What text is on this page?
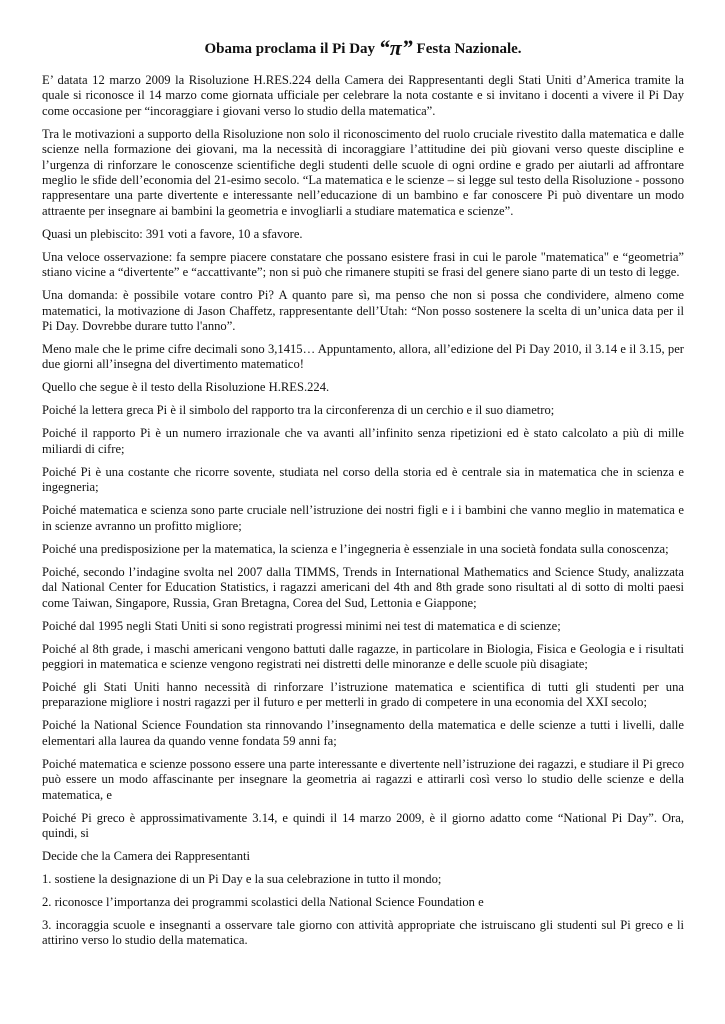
Obama proclama il Pi Day “π” Festa Nazionale.

E’ datata 12 marzo 2009 la Risoluzione H.RES.224 della Camera dei Rappresentanti degli Stati Uniti d’America tramite la quale si riconosce il 14 marzo come giornata ufficiale per celebrare la nota costante e si invitano i docenti a vivere il Pi Day come occasione per “incoraggiare i giovani verso lo studio della matematica”.

Tra le motivazioni a supporto della Risoluzione non solo il riconoscimento del ruolo cruciale rivestito dalla matematica e dalle scienze nella formazione dei giovani, ma la necessità di incoraggiare l’attitudine dei più giovani verso queste discipline e l’urgenza di rinforzare le conoscenze scientifiche degli studenti delle scuole di ogni ordine e grado per aiutarli ad affrontare meglio le sfide dell’economia del 21-esimo secolo. “La matematica e le scienze – si legge sul testo della Risoluzione - possono rappresentare una parte divertente e interessante nell’educazione di un bambino e far conoscere Pi può diventare un modo attraente per insegnare ai bambini la geometria e invogliarli a studiare matematica e scienze”.

Quasi un plebiscito: 391 voti a favore, 10 a sfavore.

Una veloce osservazione: fa sempre piacere constatare che possano esistere frasi in cui le parole "matematica" e “geometria” stiano vicine a “divertente” e “accattivante”; non si può che rimanere stupiti se frasi del genere siano parte di un testo di legge.

Una domanda: è possibile votare contro Pi? A quanto pare sì, ma penso che non si possa che condividere, almeno come matematici, la motivazione di Jason Chaffetz, rappresentante dell’Utah: “Non posso sostenere la scelta di un’unica data per il Pi Day. Dovrebbe durare tutto l'anno”.

Meno male che le prime cifre decimali sono 3,1415… Appuntamento, allora, all’edizione del Pi Day 2010, il 3.14 e il 3.15, per due giorni all’insegna del divertimento matematico!

Quello che segue è il testo della Risoluzione H.RES.224.

Poiché la lettera greca Pi è il simbolo del rapporto tra la circonferenza di un cerchio e il suo diametro;

Poiché il rapporto Pi è un numero irrazionale che va avanti all’infinito senza ripetizioni ed è stato calcolato a più di mille miliardi di cifre;

Poiché Pi è una costante che ricorre sovente, studiata nel corso della storia ed è centrale sia in matematica che in scienza e ingegneria;

Poiché matematica e scienza sono parte cruciale nell’istruzione dei nostri figli e i i bambini che vanno meglio in matematica e in scienze avranno un profitto migliore;

Poiché una predisposizione per la matematica, la scienza e l’ingegneria è essenziale in una società fondata sulla conoscenza;

Poiché, secondo l’indagine svolta nel 2007 dalla TIMMS, Trends in International Mathematics and Science Study, analizzata dal National Center for Education Statistics, i ragazzi americani del 4th and 8th grade sono risultati al di sotto di molti paesi come Taiwan, Singapore, Russia, Gran Bretagna, Corea del Sud, Lettonia e Giappone;

Poiché dal 1995 negli Stati Uniti si sono registrati progressi minimi nei test di matematica e di scienze;

Poiché al 8th grade, i maschi americani vengono battuti dalle ragazze, in particolare in Biologia, Fisica e Geologia e i risultati peggiori in matematica e scienze vengono registrati nei distretti delle minoranze e delle scuole più disagiate;

Poiché gli Stati Uniti hanno necessità di rinforzare l’istruzione matematica e scientifica di tutti gli studenti per una preparazione migliore i nostri ragazzi per il futuro e per metterli in grado di competere in una economia del XXI secolo;

Poiché la National Science Foundation sta rinnovando l’insegnamento della matematica e delle scienze a tutti i livelli, dalle elementari alla laurea da quando venne fondata 59 anni fa;

Poiché matematica e scienze possono essere una parte interessante e divertente nell’istruzione dei ragazzi, e studiare il Pi greco può essere un modo affascinante per insegnare la geometria ai ragazzi e attirarli così verso lo studio delle scienze e della matematica, e

Poiché Pi greco è approssimativamente 3.14, e quindi il 14 marzo 2009, è il giorno adatto come “National Pi Day”. Ora, quindi, si

Decide che la Camera dei Rappresentanti

1. sostiene la designazione di un Pi Day e la sua celebrazione in tutto il mondo;

2. riconosce l’importanza dei programmi scolastici della National Science Foundation e

3. incoraggia scuole e insegnanti a osservare tale giorno con attività appropriate che istruiscano gli studenti sul Pi greco e li attirino verso lo studio della matematica.
